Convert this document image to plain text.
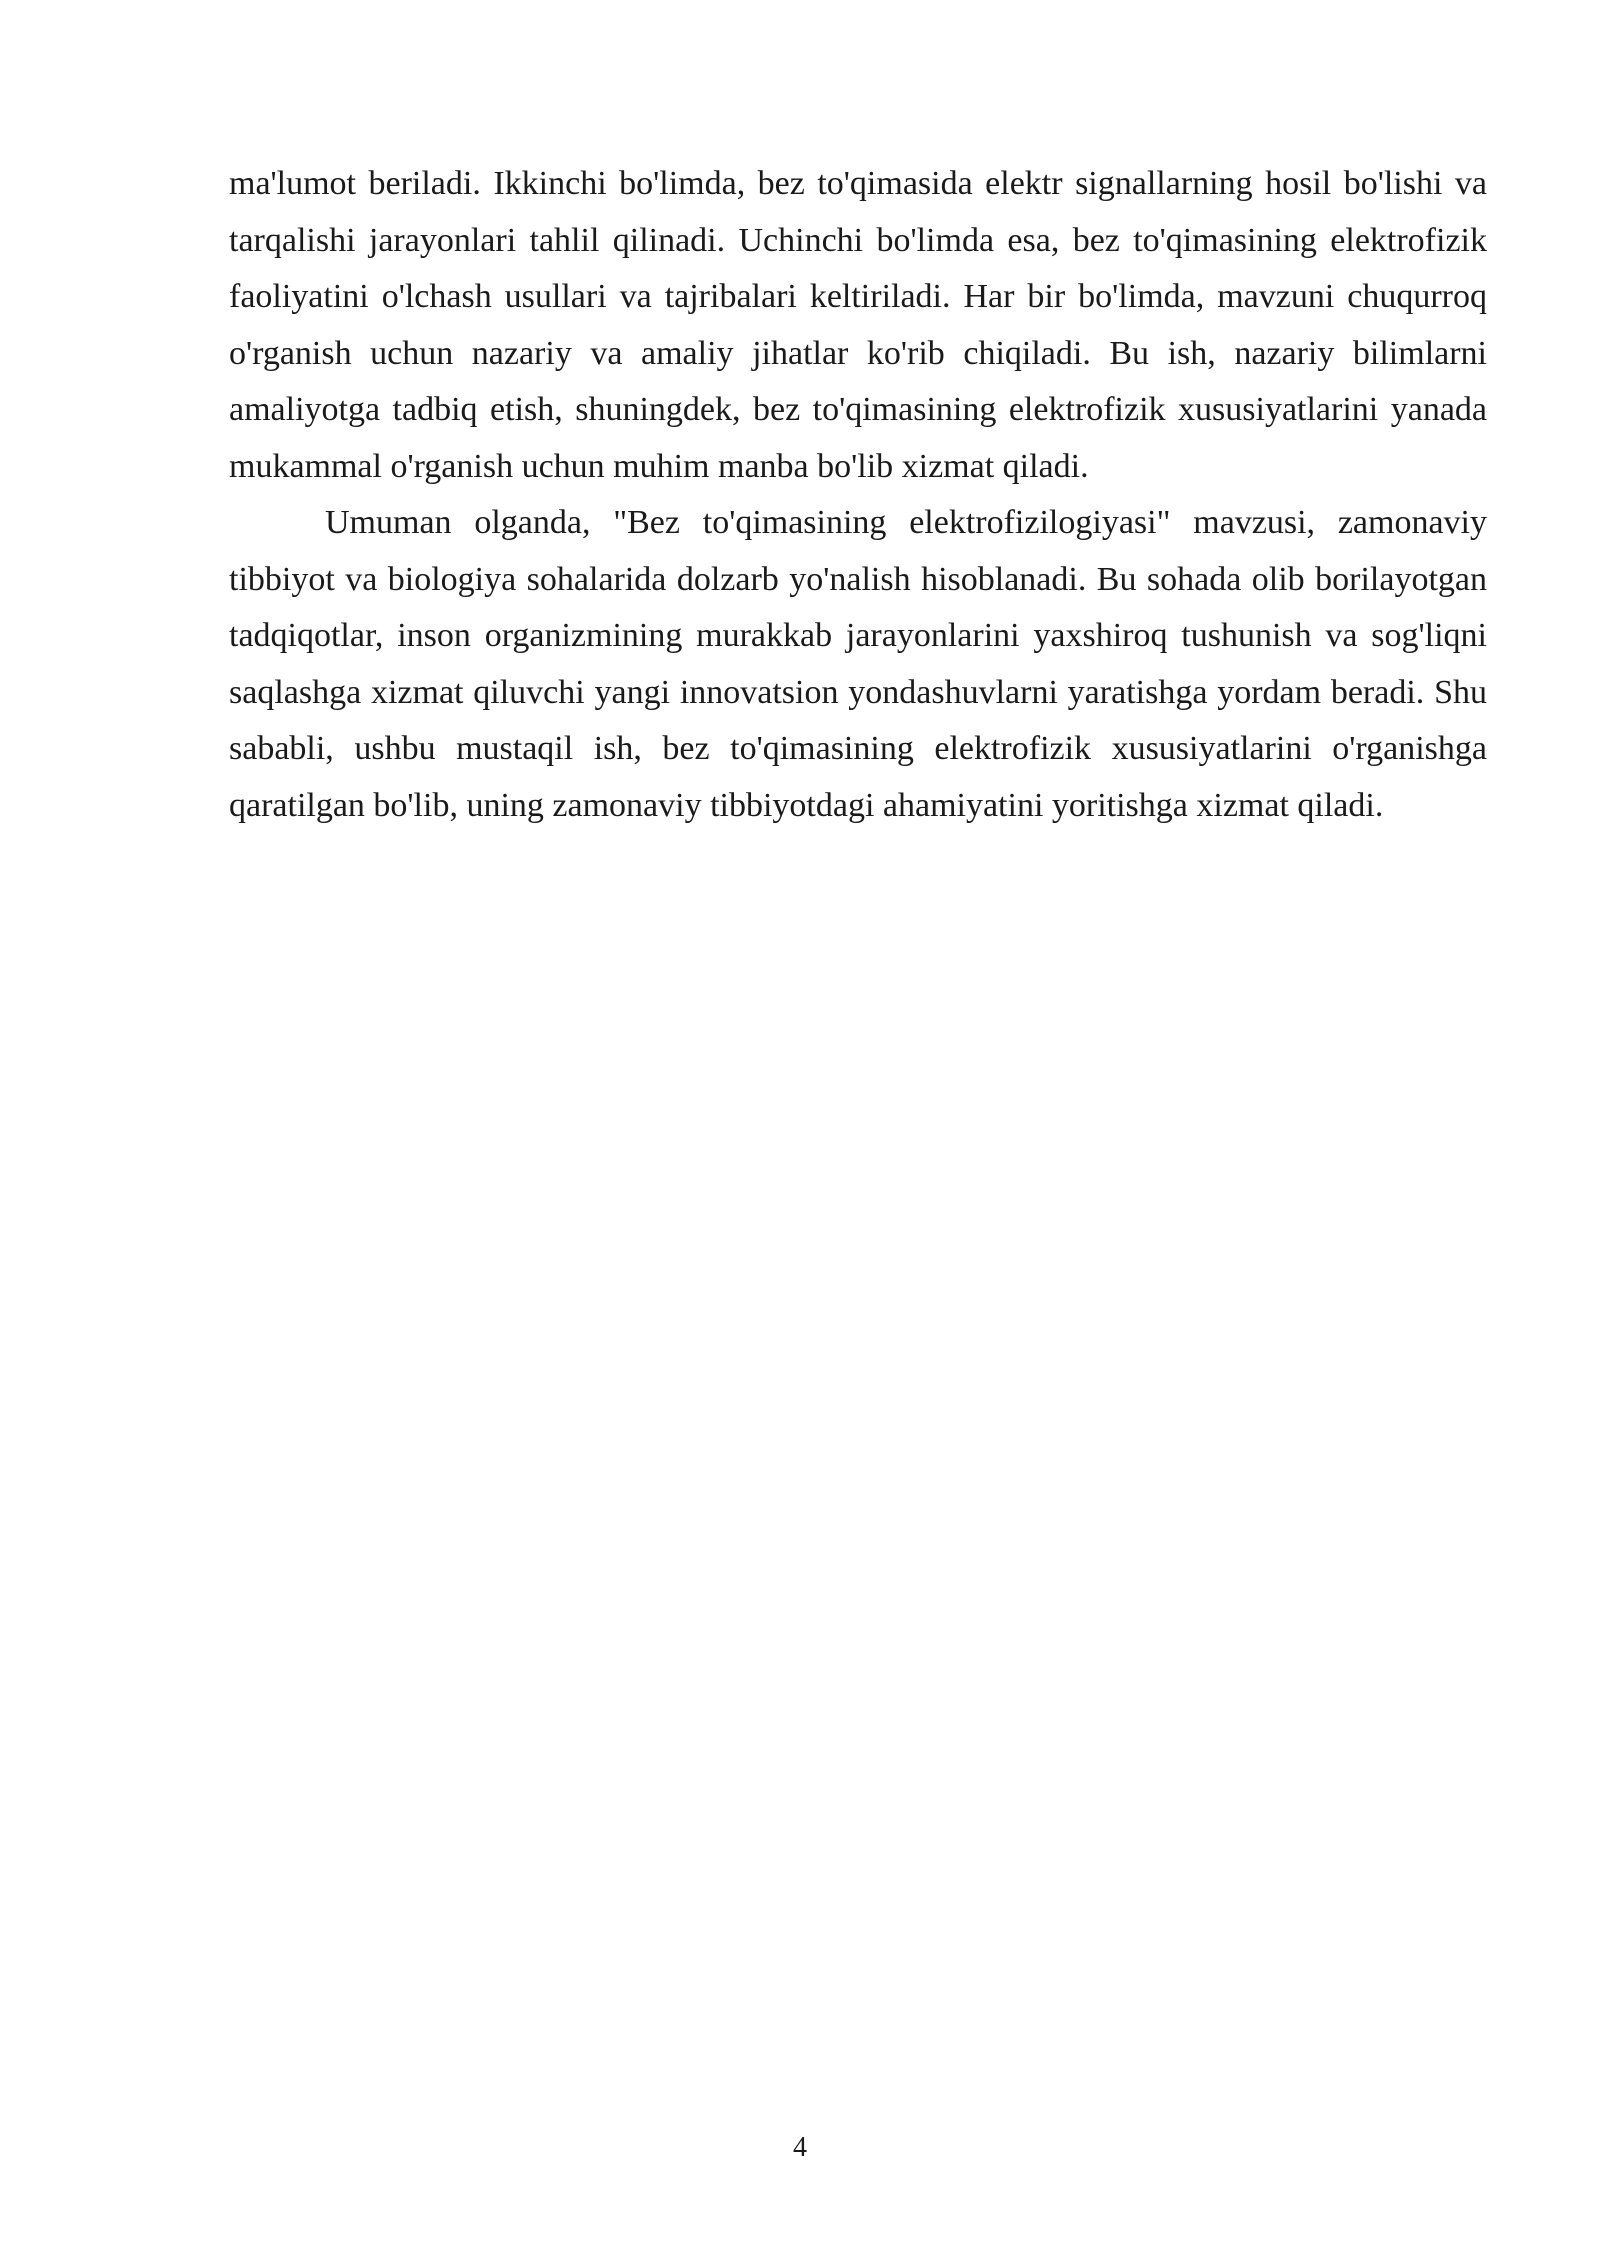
ma'lumot beriladi. Ikkinchi bo'limda, bez to'qimasida elektr signallarning hosil bo'lishi va tarqalishi jarayonlari tahlil qilinadi. Uchinchi bo'limda esa, bez to'qimasining elektrofizik faoliyatini o'lchash usullari va tajribalari keltiriladi. Har bir bo'limda, mavzuni chuqurroq o'rganish uchun nazariy va amaliy jihatlar ko'rib chiqiladi. Bu ish, nazariy bilimlarni amaliyotga tadbiq etish, shuningdek, bez to'qimasining elektrofizik xususiyatlarini yanada mukammal o'rganish uchun muhim manba bo'lib xizmat qiladi.

Umuman olganda, "Bez to'qimasining elektrofizilogiyasi" mavzusi, zamonaviy tibbiyot va biologiya sohalarida dolzarb yo'nalish hisoblanadi. Bu sohada olib borilayotgan tadqiqotlar, inson organizmining murakkab jarayonlarini yaxshiroq tushunish va sog'liqni saqlashga xizmat qiluvchi yangi innovatsion yondashuvlarni yaratishga yordam beradi. Shu sababli, ushbu mustaqil ish, bez to'qimasining elektrofizik xususiyatlarini o'rganishga qaratilgan bo'lib, uning zamonaviy tibbiyotdagi ahamiyatini yoritishga xizmat qiladi.

4
